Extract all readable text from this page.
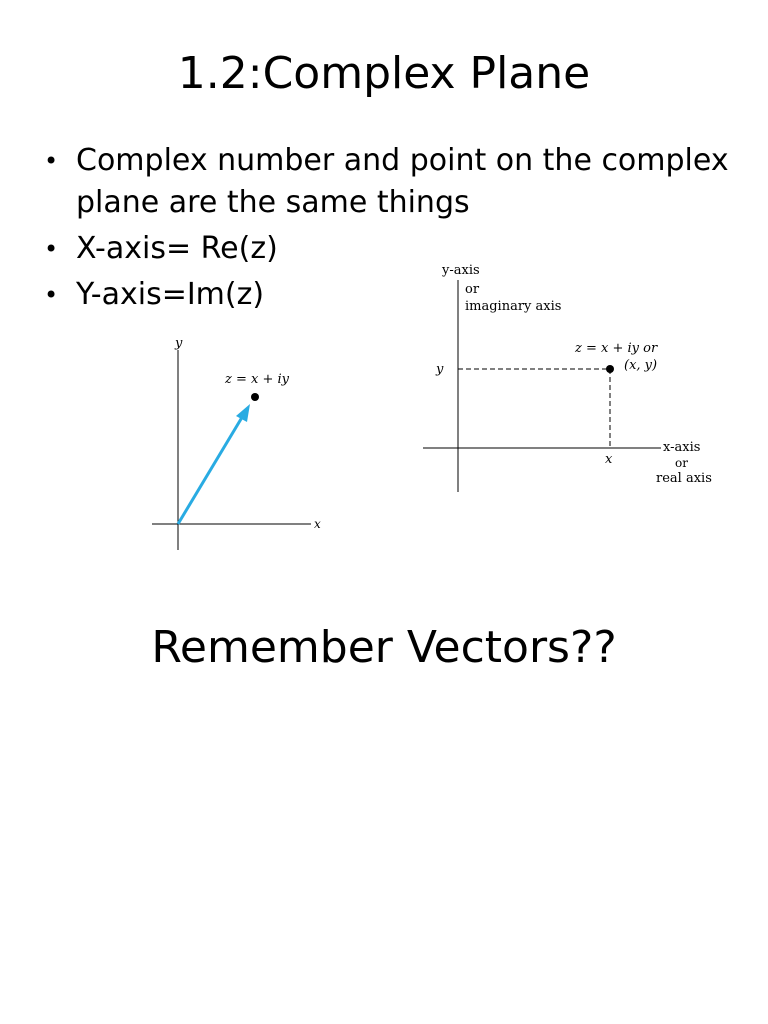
1.2:Complex Plane
• Complex number and point on the complex plane are the same things
• X-axis= Re(z)
• Y-axis=Im(z)
y
x
z = x + iy
y-axis
or
imaginary axis
x-axis
or
real axis
y
x
z = x + iy or
(x, y)
Remember Vectors??
